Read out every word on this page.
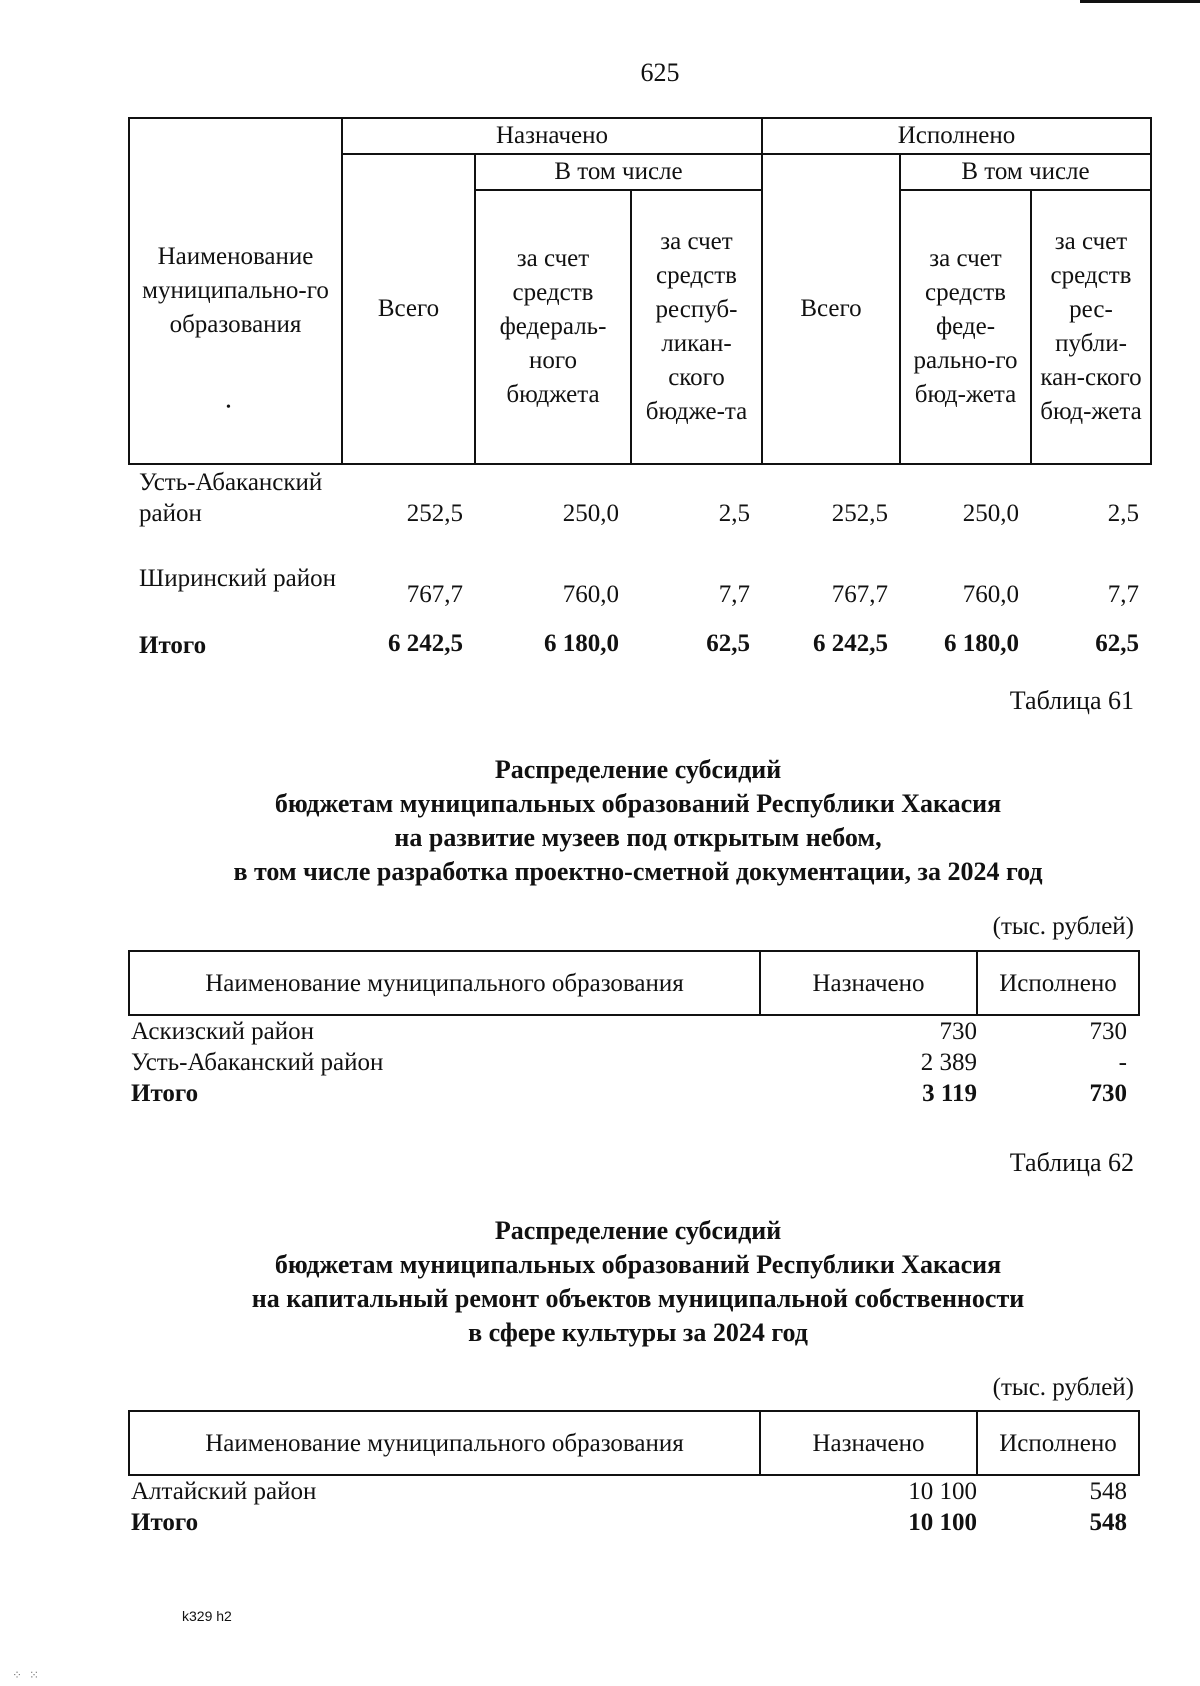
625
Наименование муниципально-го образования
•	Назначено			Исполнено		
	Всего	В том числе		Всего	В том числе	
		за счет средств федераль-ного бюджета	за счет средств респуб-ликан-ского бюдже-та		за счет средств феде-рально-го бюд-жета	за счет средств рес-публи-кан-ского бюд-жета
Усть-Абаканский район	252,5	250,0	2,5	252,5	250,0	2,5
Ширинский район	767,7	760,0	7,7	767,7	760,0	7,7
Итого	6 242,5	6 180,0	62,5	6 242,5	6 180,0	62,5
Таблица 61
Распределение субсидий
бюджетам муниципальных образований Республики Хакасия
на развитие музеев под открытым небом,
в том числе разработка проектно-сметной документации, за 2024 год
(тыс. рублей)
Наименование муниципального образования	Назначено	Исполнено
Аскизский район	730	730
Усть-Абаканский район	2 389	-
Итого	3 119	730
Таблица 62
Распределение субсидий
бюджетам муниципальных образований Республики Хакасия
на капитальный ремонт объектов муниципальной собственности
в сфере культуры за 2024 год
(тыс. рублей)
Наименование муниципального образования	Назначено	Исполнено
Алтайский район	10 100	548
Итого	10 100	548
k329 h2
⁘ ⁙
